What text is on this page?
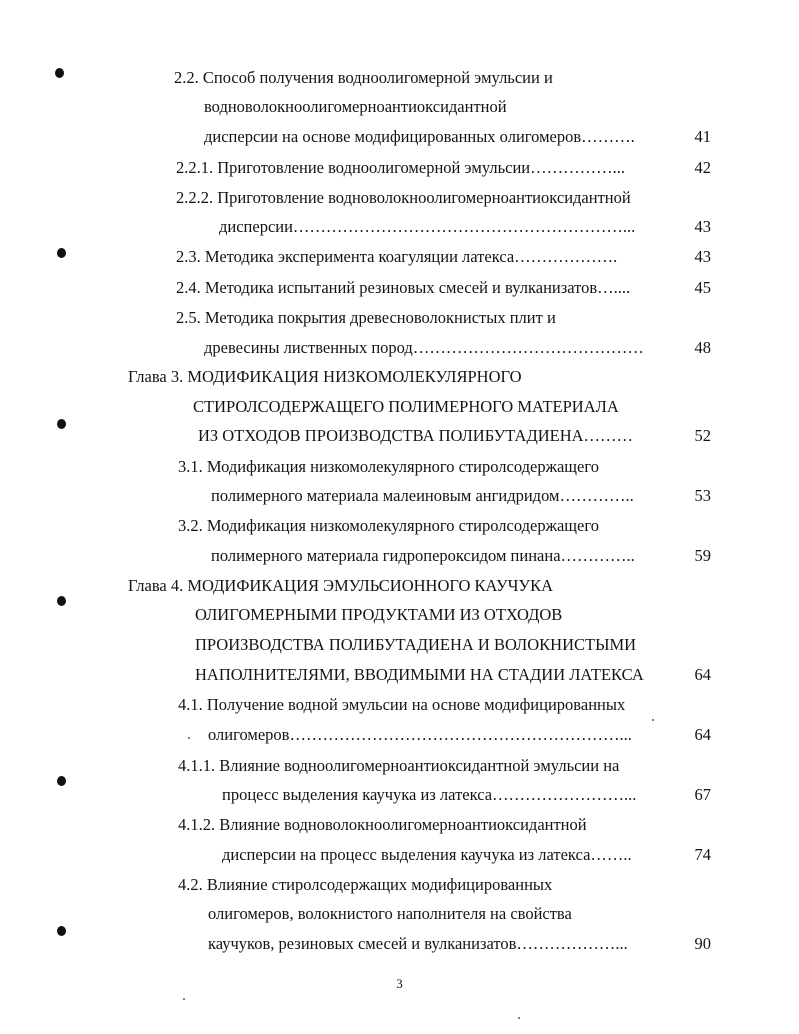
2.2. Способ получения водноолигомерной эмульсии и
водноволокноолигомерноантиоксидантной
дисперсии на основе модифицированных олигомеров……….	41
2.2.1. Приготовление водноолигомерной эмульсии……………...	42
2.2.2. Приготовление водноволокноолигомерноантиоксидантной
дисперсии……………………………………………………...	43
2.3. Методика эксперимента коагуляции латекса……………….	43
2.4. Методика испытаний резиновых смесей и вулканизатов…....	45
2.5. Методика покрытия древесноволокнистых плит и
древесины лиственных пород……………………………………	48
Глава 3. МОДИФИКАЦИЯ НИЗКОМОЛЕКУЛЯРНОГО
СТИРОЛСОДЕРЖАЩЕГО ПОЛИМЕРНОГО МАТЕРИАЛА
ИЗ ОТХОДОВ ПРОИЗВОДСТВА ПОЛИБУТАДИЕНА………	52
3.1. Модификация низкомолекулярного стиролсодержащего
полимерного материала малеиновым ангидридом…………..	53
3.2. Модификация низкомолекулярного стиролсодержащего
полимерного материала гидропероксидом пинана…………..	59
Глава 4. МОДИФИКАЦИЯ ЭМУЛЬСИОННОГО КАУЧУКА
ОЛИГОМЕРНЫМИ ПРОДУКТАМИ ИЗ ОТХОДОВ
ПРОИЗВОДСТВА ПОЛИБУТАДИЕНА И ВОЛОКНИСТЫМИ
НАПОЛНИТЕЛЯМИ, ВВОДИМЫМИ НА СТАДИИ ЛАТЕКСА	64
4.1. Получение водной эмульсии на основе модифицированных
олигомеров……………………………………………………...	64
4.1.1. Влияние водноолигомерноантиоксидантной эмульсии на
процесс выделения каучука из латекса……………………...	67
4.1.2. Влияние водноволокноолигомерноантиоксидантной
дисперсии на процесс выделения каучука из латекса……..	74
4.2. Влияние стиролсодержащих модифицированных
олигомеров, волокнистого наполнителя на свойства
каучуков, резиновых смесей и вулканизатов………………...	90
3
